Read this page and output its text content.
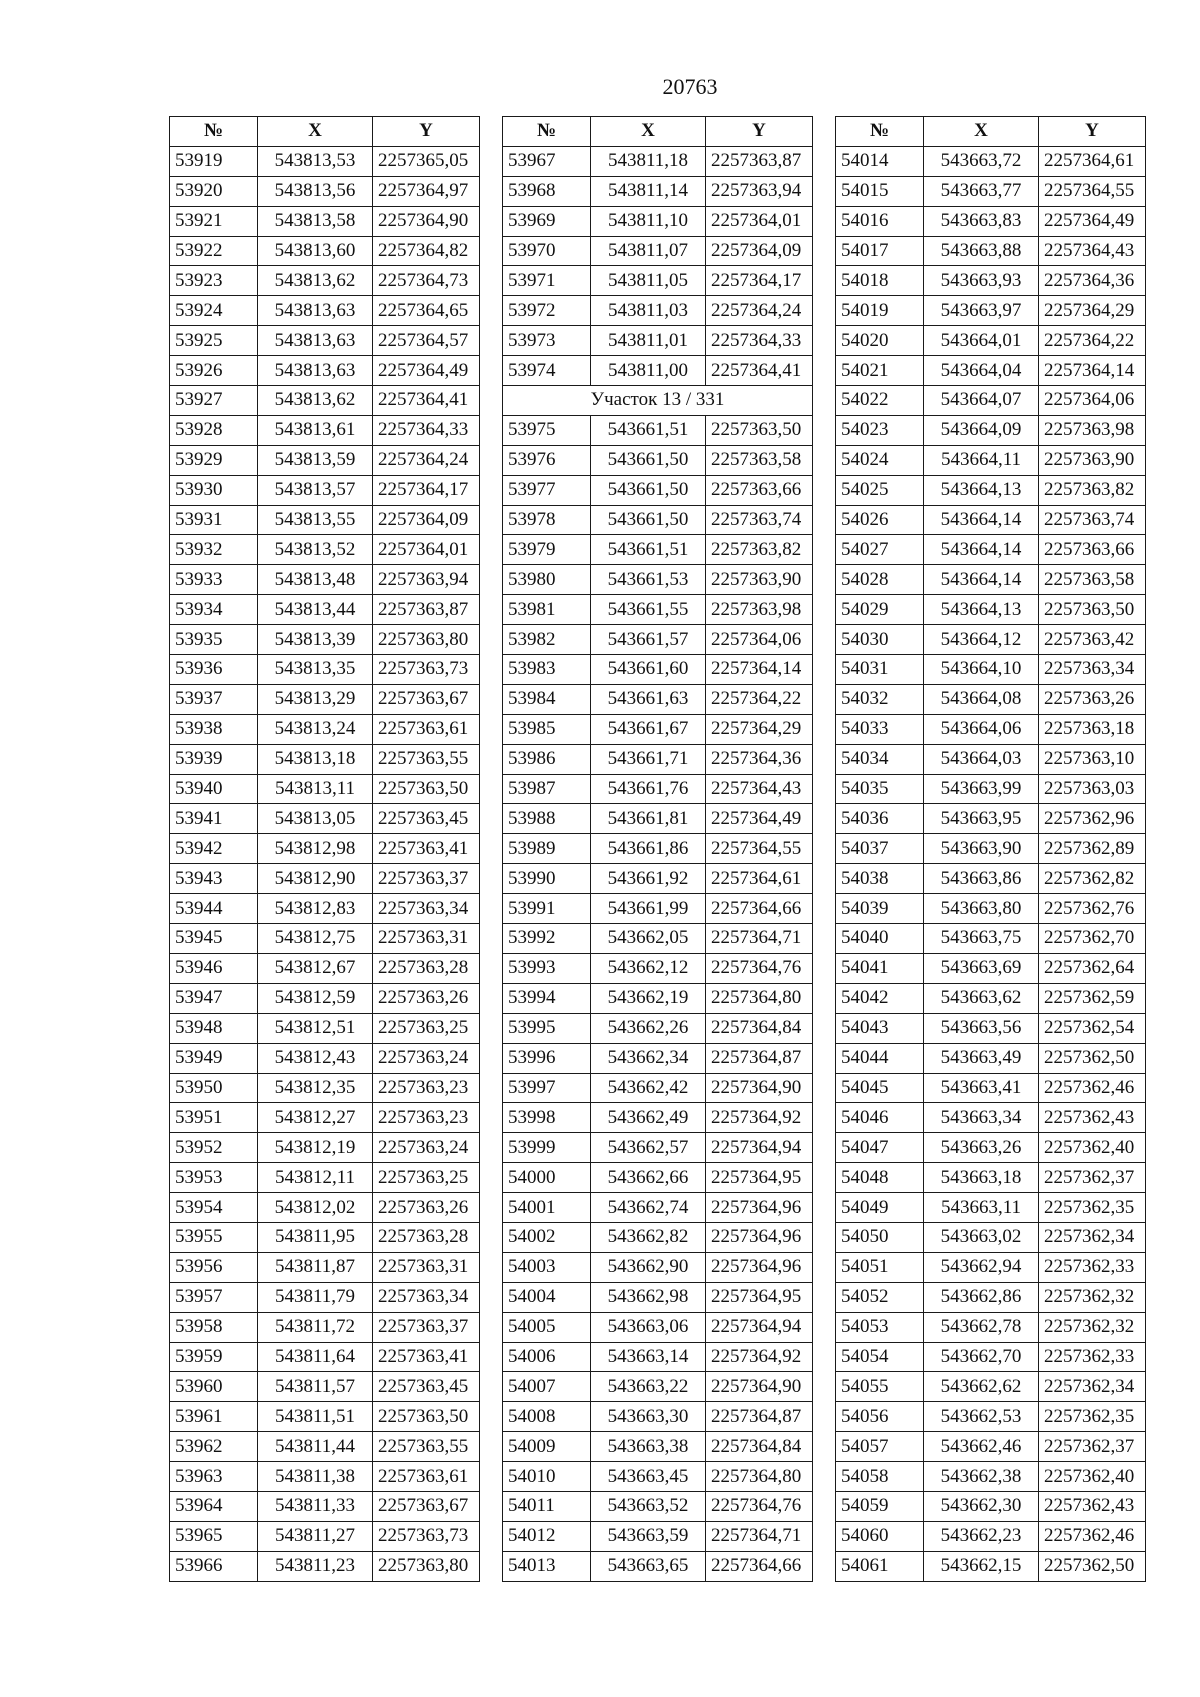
20763
№	X	Y
53919	543813,53	2257365,05
53920	543813,56	2257364,97
53921	543813,58	2257364,90
53922	543813,60	2257364,82
53923	543813,62	2257364,73
53924	543813,63	2257364,65
53925	543813,63	2257364,57
53926	543813,63	2257364,49
53927	543813,62	2257364,41
53928	543813,61	2257364,33
53929	543813,59	2257364,24
53930	543813,57	2257364,17
53931	543813,55	2257364,09
53932	543813,52	2257364,01
53933	543813,48	2257363,94
53934	543813,44	2257363,87
53935	543813,39	2257363,80
53936	543813,35	2257363,73
53937	543813,29	2257363,67
53938	543813,24	2257363,61
53939	543813,18	2257363,55
53940	543813,11	2257363,50
53941	543813,05	2257363,45
53942	543812,98	2257363,41
53943	543812,90	2257363,37
53944	543812,83	2257363,34
53945	543812,75	2257363,31
53946	543812,67	2257363,28
53947	543812,59	2257363,26
53948	543812,51	2257363,25
53949	543812,43	2257363,24
53950	543812,35	2257363,23
53951	543812,27	2257363,23
53952	543812,19	2257363,24
53953	543812,11	2257363,25
53954	543812,02	2257363,26
53955	543811,95	2257363,28
53956	543811,87	2257363,31
53957	543811,79	2257363,34
53958	543811,72	2257363,37
53959	543811,64	2257363,41
53960	543811,57	2257363,45
53961	543811,51	2257363,50
53962	543811,44	2257363,55
53963	543811,38	2257363,61
53964	543811,33	2257363,67
53965	543811,27	2257363,73
53966	543811,23	2257363,80
№	X	Y
53967	543811,18	2257363,87
53968	543811,14	2257363,94
53969	543811,10	2257364,01
53970	543811,07	2257364,09
53971	543811,05	2257364,17
53972	543811,03	2257364,24
53973	543811,01	2257364,33
53974	543811,00	2257364,41
Участок 13 / 331		
53975	543661,51	2257363,50
53976	543661,50	2257363,58
53977	543661,50	2257363,66
53978	543661,50	2257363,74
53979	543661,51	2257363,82
53980	543661,53	2257363,90
53981	543661,55	2257363,98
53982	543661,57	2257364,06
53983	543661,60	2257364,14
53984	543661,63	2257364,22
53985	543661,67	2257364,29
53986	543661,71	2257364,36
53987	543661,76	2257364,43
53988	543661,81	2257364,49
53989	543661,86	2257364,55
53990	543661,92	2257364,61
53991	543661,99	2257364,66
53992	543662,05	2257364,71
53993	543662,12	2257364,76
53994	543662,19	2257364,80
53995	543662,26	2257364,84
53996	543662,34	2257364,87
53997	543662,42	2257364,90
53998	543662,49	2257364,92
53999	543662,57	2257364,94
54000	543662,66	2257364,95
54001	543662,74	2257364,96
54002	543662,82	2257364,96
54003	543662,90	2257364,96
54004	543662,98	2257364,95
54005	543663,06	2257364,94
54006	543663,14	2257364,92
54007	543663,22	2257364,90
54008	543663,30	2257364,87
54009	543663,38	2257364,84
54010	543663,45	2257364,80
54011	543663,52	2257364,76
54012	543663,59	2257364,71
54013	543663,65	2257364,66
№	X	Y
54014	543663,72	2257364,61
54015	543663,77	2257364,55
54016	543663,83	2257364,49
54017	543663,88	2257364,43
54018	543663,93	2257364,36
54019	543663,97	2257364,29
54020	543664,01	2257364,22
54021	543664,04	2257364,14
54022	543664,07	2257364,06
54023	543664,09	2257363,98
54024	543664,11	2257363,90
54025	543664,13	2257363,82
54026	543664,14	2257363,74
54027	543664,14	2257363,66
54028	543664,14	2257363,58
54029	543664,13	2257363,50
54030	543664,12	2257363,42
54031	543664,10	2257363,34
54032	543664,08	2257363,26
54033	543664,06	2257363,18
54034	543664,03	2257363,10
54035	543663,99	2257363,03
54036	543663,95	2257362,96
54037	543663,90	2257362,89
54038	543663,86	2257362,82
54039	543663,80	2257362,76
54040	543663,75	2257362,70
54041	543663,69	2257362,64
54042	543663,62	2257362,59
54043	543663,56	2257362,54
54044	543663,49	2257362,50
54045	543663,41	2257362,46
54046	543663,34	2257362,43
54047	543663,26	2257362,40
54048	543663,18	2257362,37
54049	543663,11	2257362,35
54050	543663,02	2257362,34
54051	543662,94	2257362,33
54052	543662,86	2257362,32
54053	543662,78	2257362,32
54054	543662,70	2257362,33
54055	543662,62	2257362,34
54056	543662,53	2257362,35
54057	543662,46	2257362,37
54058	543662,38	2257362,40
54059	543662,30	2257362,43
54060	543662,23	2257362,46
54061	543662,15	2257362,50
